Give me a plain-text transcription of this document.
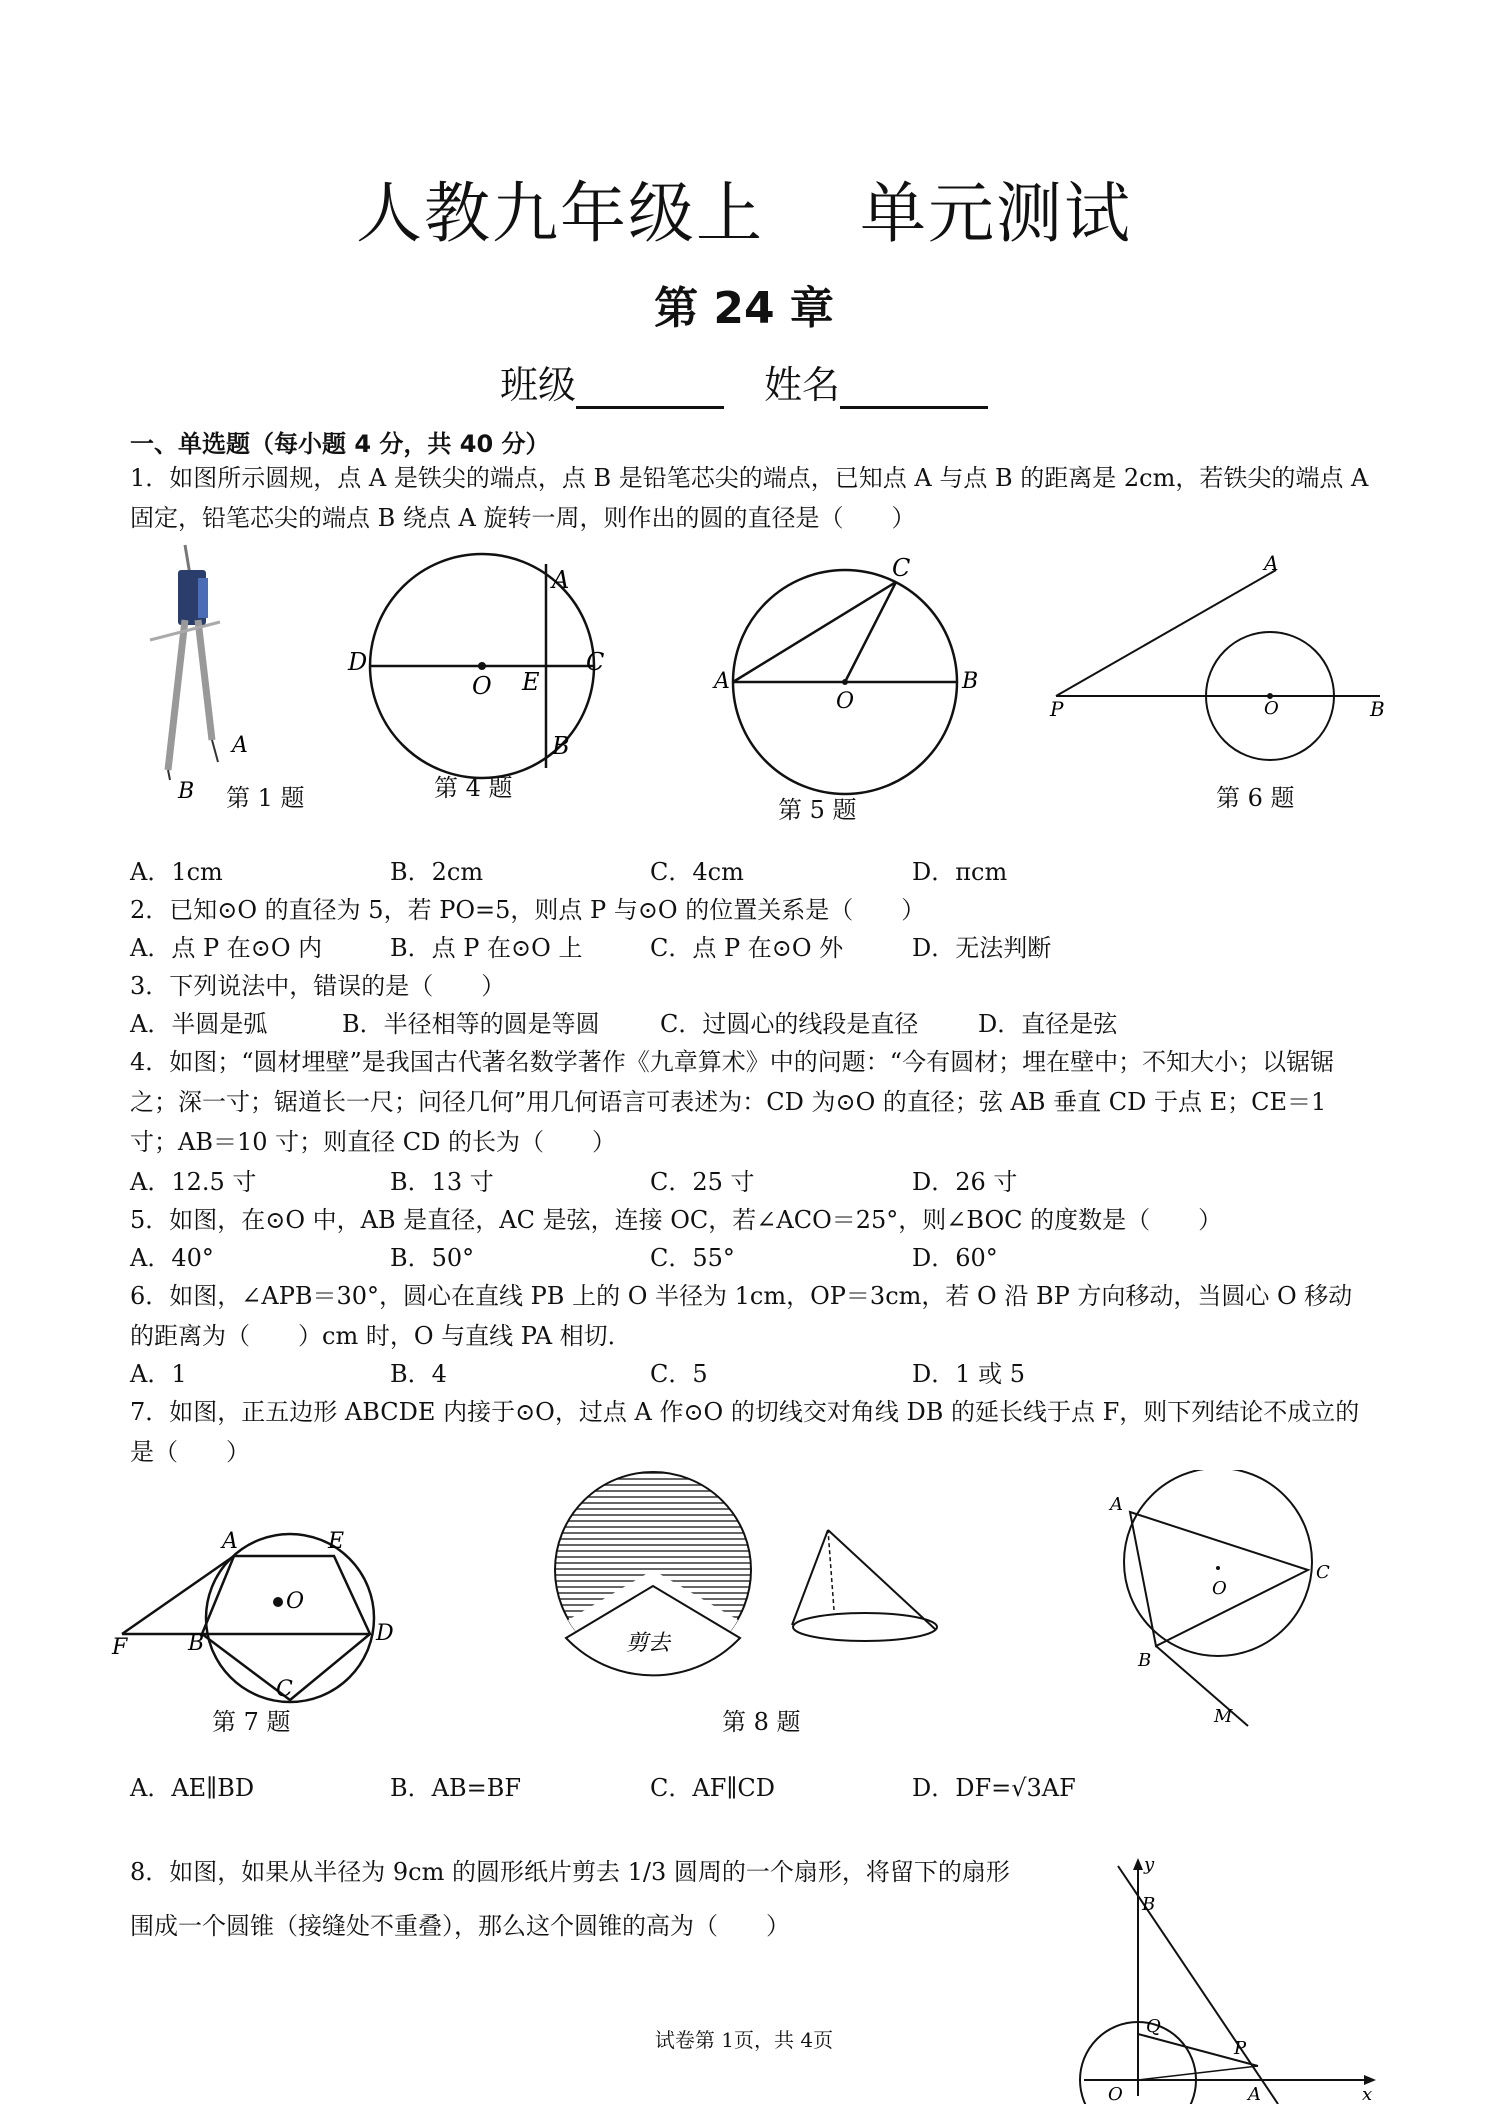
人教九年级上 单元测试
第 24 章
班级	姓名
一、单选题（每小题 4 分，共 40 分）
1．如图所示圆规，点 A 是铁尖的端点，点 B 是铅笔芯尖的端点，已知点 A 与点 B 的距离是 2cm，若铁尖的端点 A 固定，铅笔芯尖的端点 B 绕点 A 旋转一周，则作出的圆的直径是（　　）
A
B
A
B
C
D
E
O
C
A	B
O
A
B
P	O
第 1 题	第 4 题
第 5 题	第 6 题
A．1cm	B．2cm	C．4cm	D．πcm
2．已知⊙O 的直径为 5，若 PO=5，则点 P 与⊙O 的位置关系是（　　）
A．点 P 在⊙O 内	B．点 P 在⊙O 上	C．点 P 在⊙O 外	D．无法判断
3．下列说法中，错误的是（　　）
A．半圆是弧	B．半径相等的圆是等圆	C．过圆心的线段是直径 D．直径是弦
4．如图；“圆材埋壁”是我国古代著名数学著作《九章算术》中的问题：“今有圆材；埋在壁中；不知大小；以锯锯之；深一寸；锯道长一尺；问径几何”用几何语言可表述为：CD 为⊙O 的直径；弦 AB 垂直 CD 于点 E；CE＝1 寸；AB＝10 寸；则直径 CD 的长为（　　）
A．12.5 寸	B．13 寸	C．25 寸	D．26 寸
5．如图，在⊙O 中，AB 是直径，AC 是弦，连接 OC，若∠ACO＝25°，则∠BOC 的度数是（　　）
A．40°	B．50°	C．55°	D．60°
6．如图，∠APB＝30°，圆心在直线 PB 上的 O 半径为 1cm，OP＝3cm，若 O 沿 BP 方向移动，当圆心 O 移动的距离为（　　）cm 时，O 与直线 PA 相切．
A．1	B．4	C．5	D．1 或 5
7．如图，正五边形 ABCDE 内接于⊙O，过点 A 作⊙O 的切线交对角线 DB 的延长线于点 F，则下列结论不成立的是（　　）
A	E
D
C
B
F
O
剪去
A
C
B
O
M
第 7 题	第 8 题
A．AE∥BD	B．AB=BF	C．AF∥CD	D．DF=√3AF
8．如图，如果从半径为 9cm 的圆形纸片剪去 1/3 圆周的一个扇形，将留下的扇形
围成一个圆锥（接缝处不重叠），那么这个圆锥的高为（　　）
y
x
B
Q
P
O	A
试卷第 1页，共 4页
